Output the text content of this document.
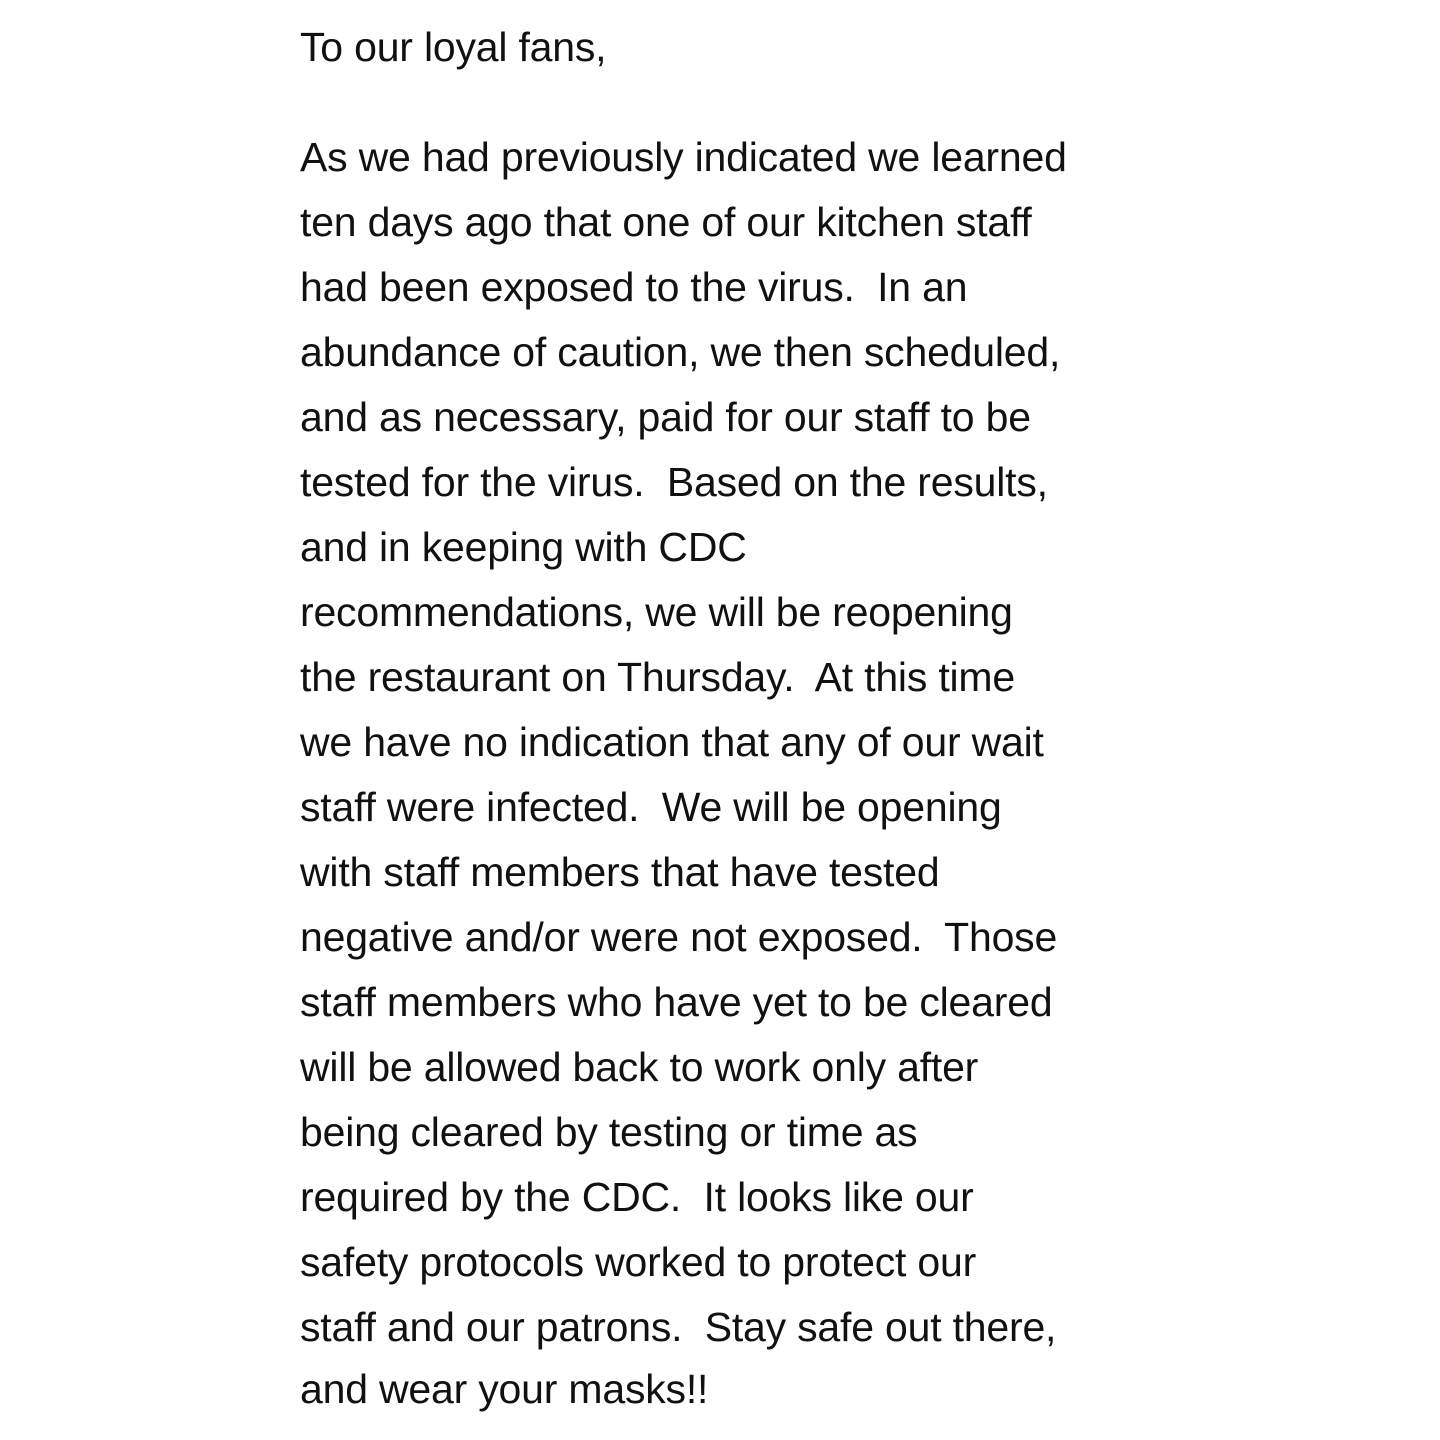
To our loyal fans,
As we had previously indicated we learned
ten days ago that one of our kitchen staff
had been exposed to the virus.  In an
abundance of caution, we then scheduled,
and as necessary, paid for our staff to be
tested for the virus.  Based on the results,
and in keeping with CDC
recommendations, we will be reopening
the restaurant on Thursday.  At this time
we have no indication that any of our wait
staff were infected.  We will be opening
with staff members that have tested
negative and/or were not exposed.  Those
staff members who have yet to be cleared
will be allowed back to work only after
being cleared by testing or time as
required by the CDC.  It looks like our
safety protocols worked to protect our
staff and our patrons.  Stay safe out there,
and wear your masks!!
